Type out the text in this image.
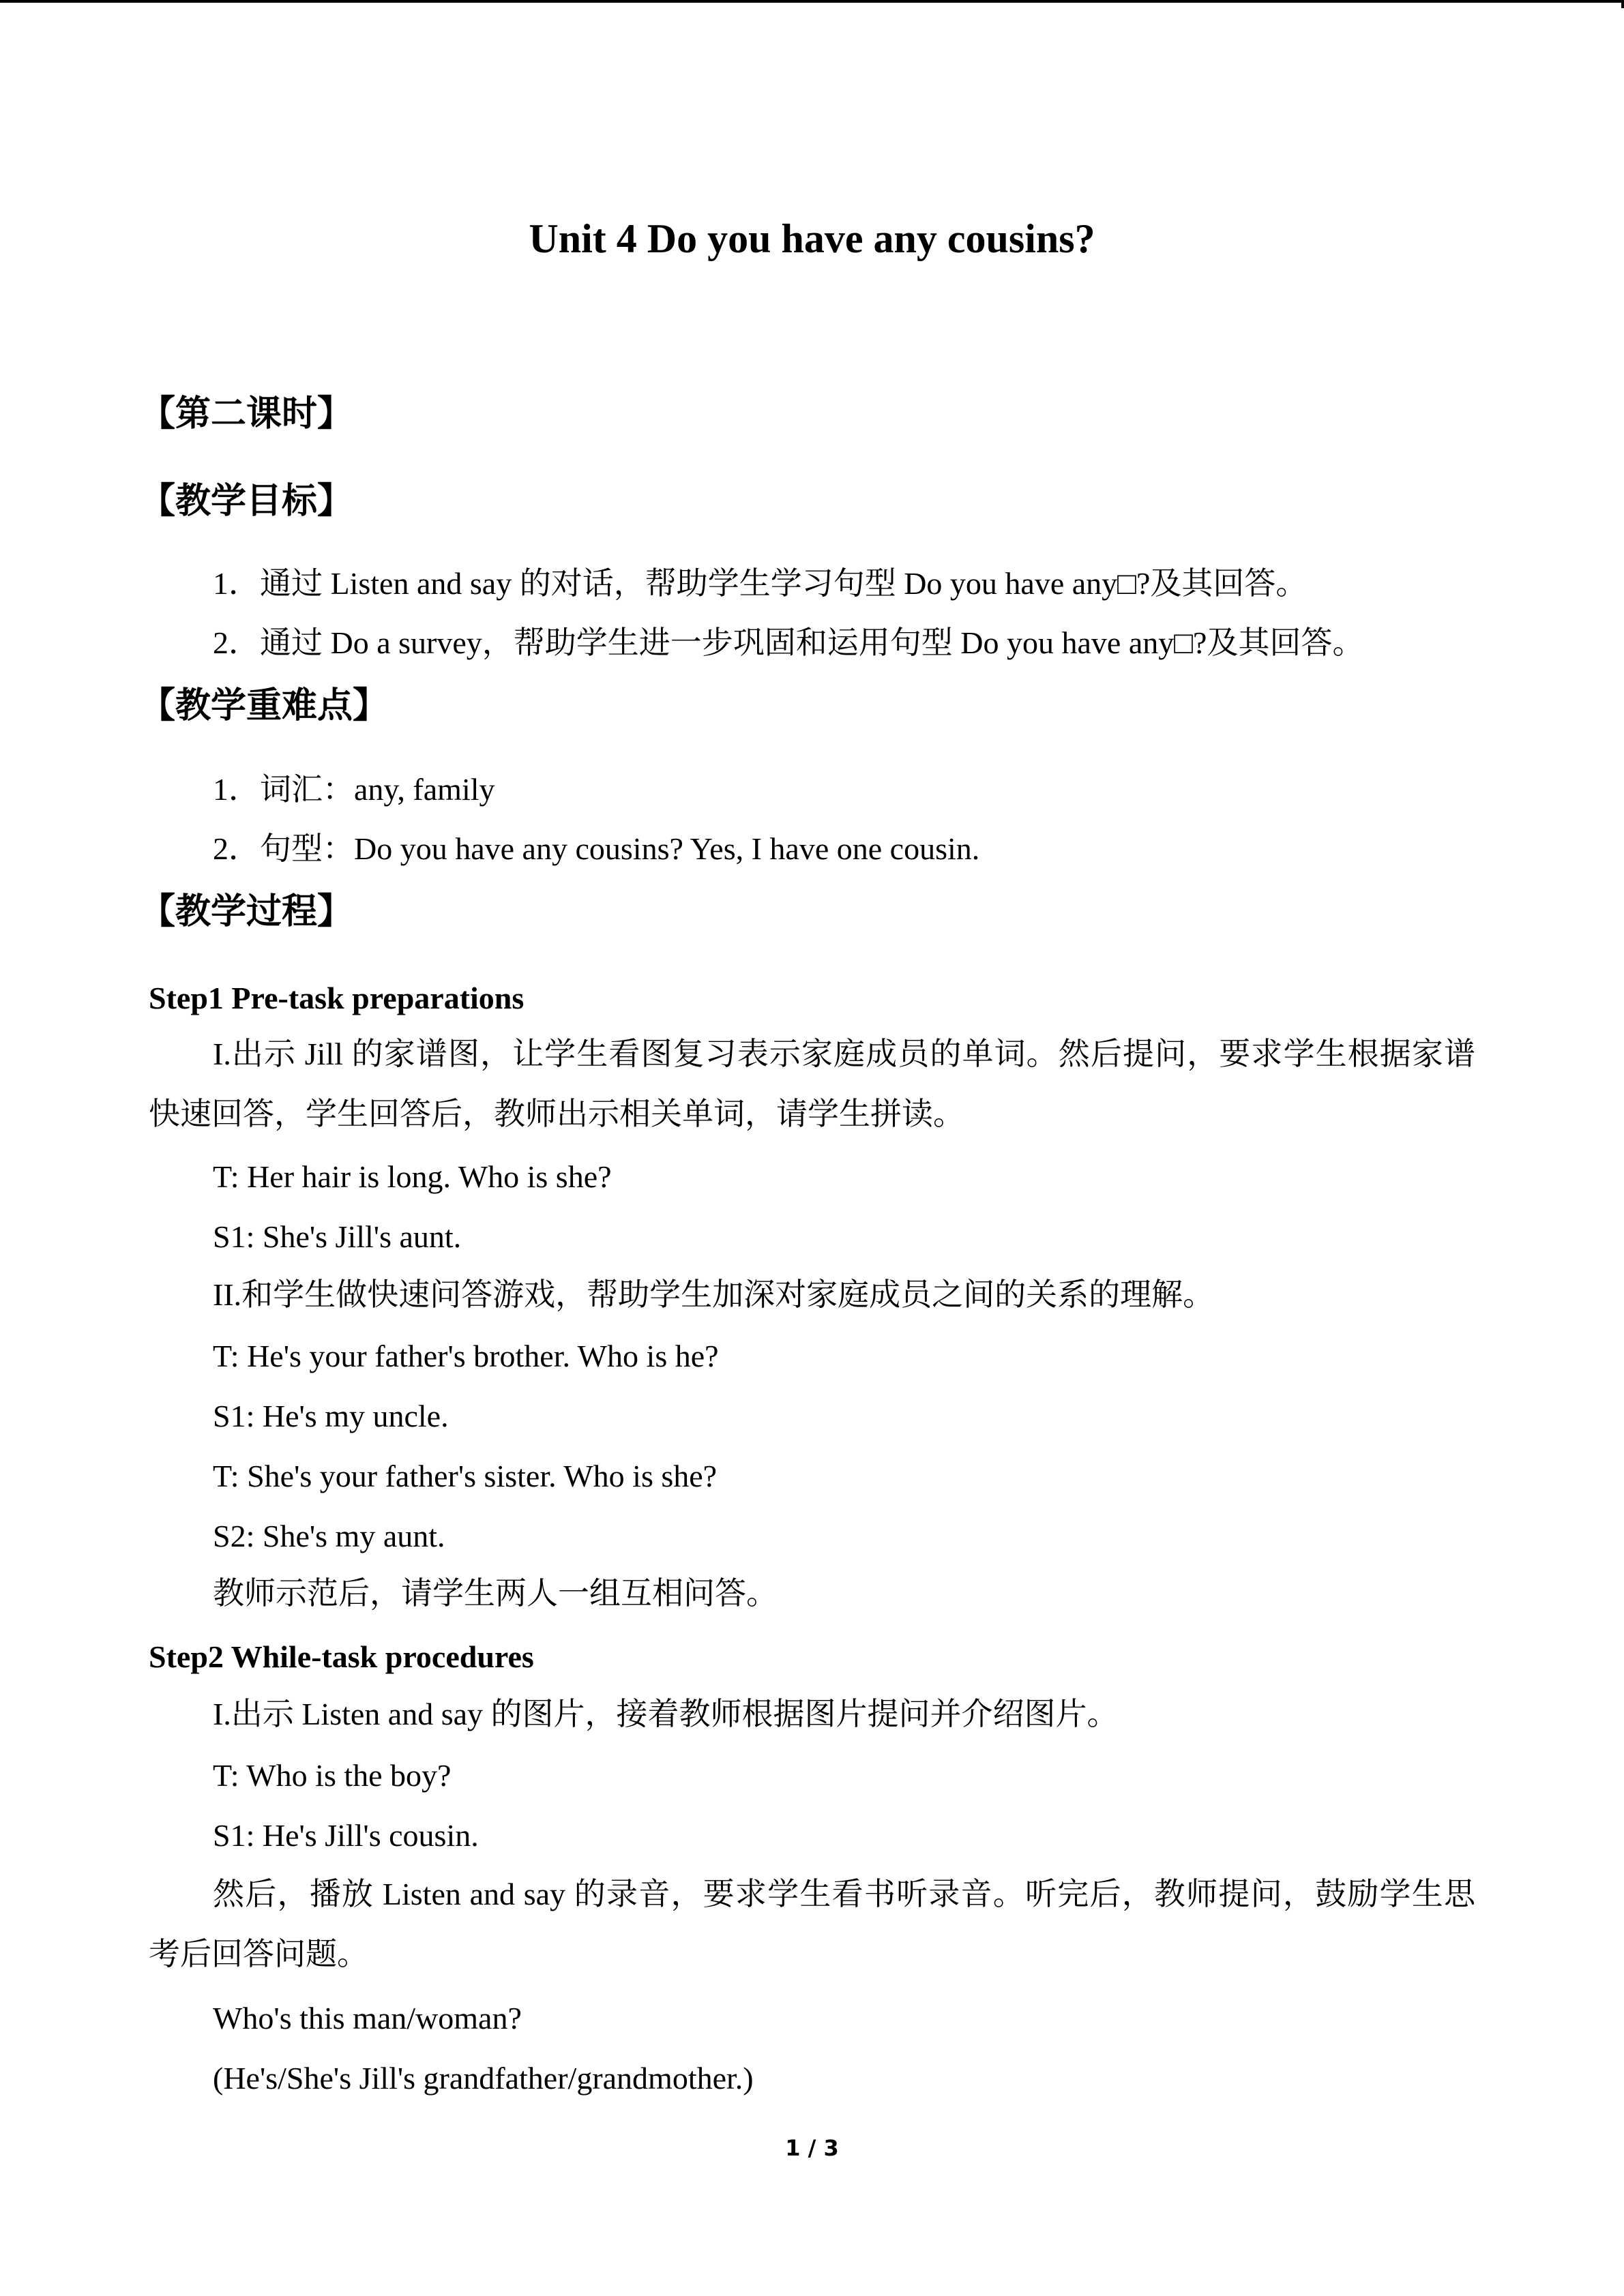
Unit 4 Do you have any cousins?
【第二课时】
【教学目标】
1．通过 Listen and say 的对话，帮助学生学习句型 Do you have any□?及其回答。
2．通过 Do a survey，帮助学生进一步巩固和运用句型 Do you have any□?及其回答。
【教学重难点】
1．词汇：any, family
2．句型：Do you have any cousins? Yes, I have one cousin.
【教学过程】
Step1 Pre-task preparations
I.出示 Jill 的家谱图，让学生看图复习表示家庭成员的单词。然后提问，要求学生根据家谱快速回答，学生回答后，教师出示相关单词，请学生拼读。
T: Her hair is long. Who is she?
S1: She's Jill's aunt.
II.和学生做快速问答游戏，帮助学生加深对家庭成员之间的关系的理解。
T: He's your father's brother. Who is he?
S1: He's my uncle.
T: She's your father's sister. Who is she?
S2: She's my aunt.
教师示范后，请学生两人一组互相问答。
Step2 While-task procedures
I.出示 Listen and say 的图片，接着教师根据图片提问并介绍图片。
T: Who is the boy?
S1: He's Jill's cousin.
然后，播放 Listen and say 的录音，要求学生看书听录音。听完后，教师提问，鼓励学生思考后回答问题。
Who's this man/woman?
(He's/She's Jill's grandfather/grandmother.)
1 / 3
